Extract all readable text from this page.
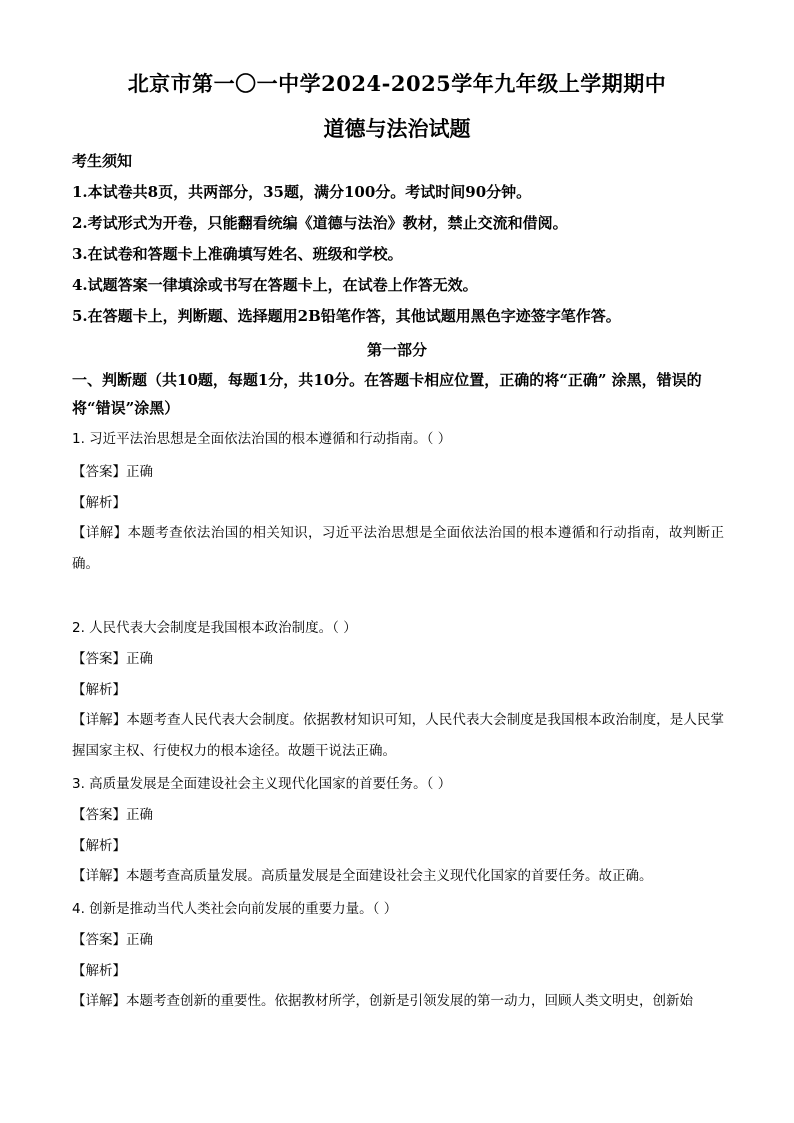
北京市第一〇一中学2024-2025学年九年级上学期期中
道德与法治试题
考生须知
1.本试卷共8页，共两部分，35题，满分100分。考试时间90分钟。
2.考试形式为开卷，只能翻看统编《道德与法治》教材，禁止交流和借阅。
3.在试卷和答题卡上准确填写姓名、班级和学校。
4.试题答案一律填涂或书写在答题卡上，在试卷上作答无效。
5.在答题卡上，判断题、选择题用2B铅笔作答，其他试题用黑色字迹签字笔作答。
第一部分
一、判断题（共10题，每题1分，共10分。在答题卡相应位置，正确的将“正确” 涂黑，错误的将“错误”涂黑）
1. 习近平法治思想是全面依法治国的根本遵循和行动指南。（ ）
【答案】正确
【解析】
【详解】本题考查依法治国的相关知识，习近平法治思想是全面依法治国的根本遵循和行动指南，故判断正确。
2. 人民代表大会制度是我国根本政治制度。（ ）
【答案】正确
【解析】
【详解】本题考查人民代表大会制度。依据教材知识可知，人民代表大会制度是我国根本政治制度，是人民掌握国家主权、行使权力的根本途径。故题干说法正确。
3. 高质量发展是全面建设社会主义现代化国家的首要任务。（ ）
【答案】正确
【解析】
【详解】本题考查高质量发展。高质量发展是全面建设社会主义现代化国家的首要任务。故正确。
4. 创新是推动当代人类社会向前发展的重要力量。（ ）
【答案】正确
【解析】
【详解】本题考查创新的重要性。依据教材所学，创新是引领发展的第一动力，回顾人类文明史，创新始
